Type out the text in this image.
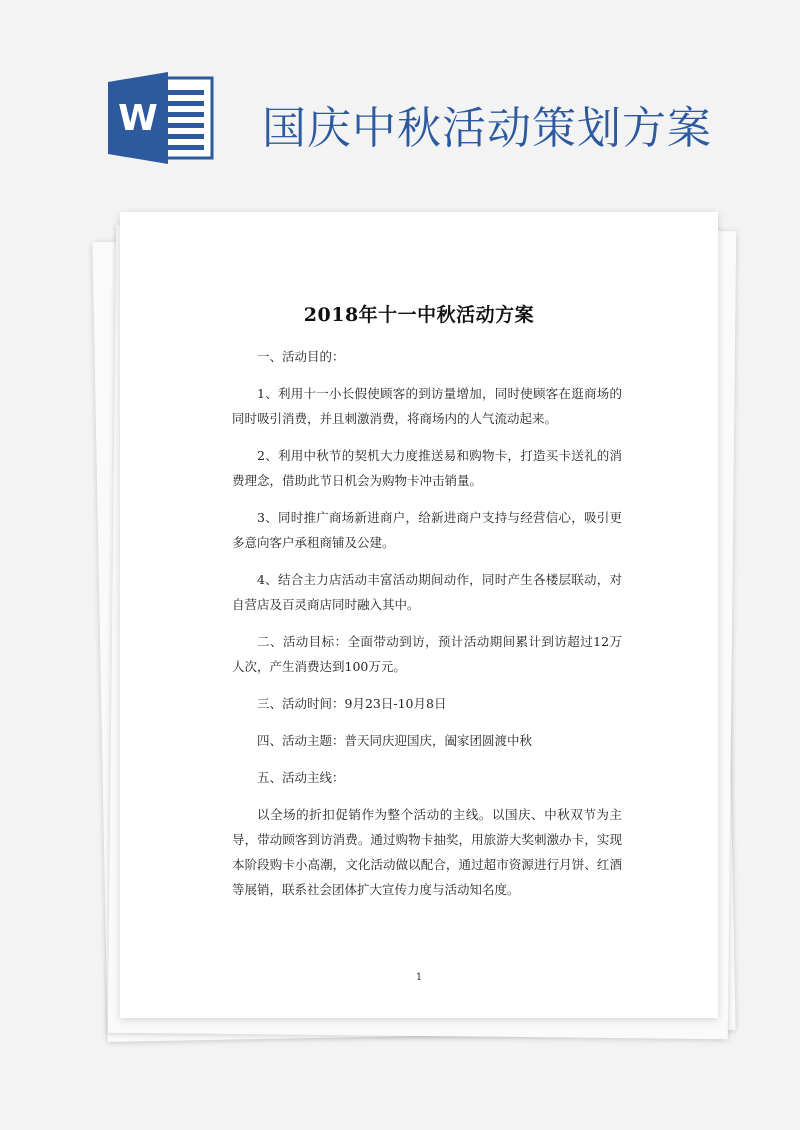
W 国庆中秋活动策划方案
2018年十一中秋活动方案

一、活动目的：

1、利用十一小长假使顾客的到访量增加，同时使顾客在逛商场的同时吸引消费，并且刺激消费，将商场内的人气流动起来。

2、利用中秋节的契机大力度推送易和购物卡，打造买卡送礼的消费理念，借助此节日机会为购物卡冲击销量。

3、同时推广商场新进商户，给新进商户支持与经营信心，吸引更多意向客户承租商铺及公建。

4、结合主力店活动丰富活动期间动作，同时产生各楼层联动，对自营店及百灵商店同时融入其中。

二、活动目标：全面带动到访，预计活动期间累计到访超过12万人次，产生消费达到100万元。

三、活动时间：9月23日-10月8日

四、活动主题：普天同庆迎国庆，阖家团圆渡中秋

五、活动主线：

以全场的折扣促销作为整个活动的主线。以国庆、中秋双节为主导，带动顾客到访消费。通过购物卡抽奖，用旅游大奖刺激办卡，实现本阶段购卡小高潮，文化活动做以配合，通过超市资源进行月饼、红酒等展销，联系社会团体扩大宣传力度与活动知名度。

1
